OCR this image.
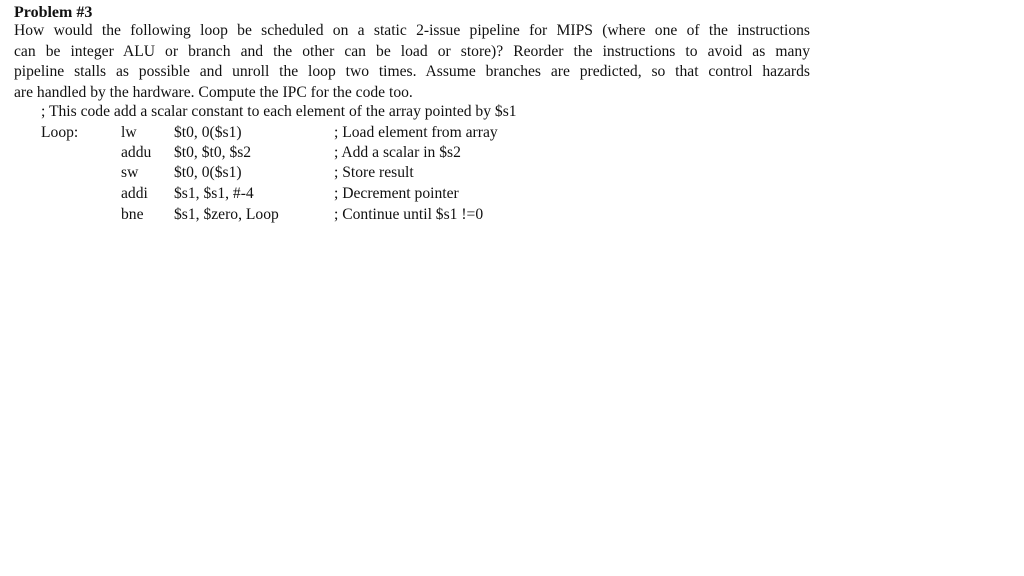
Problem #3
How would the following loop be scheduled on a static 2-issue pipeline for MIPS (where one of the instructions
can be integer ALU or branch and the other can be load or store)? Reorder the instructions to avoid as many
pipeline stalls as possible and unroll the loop two times. Assume branches are predicted, so that control hazards
are handled by the hardware. Compute the IPC for the code too.
; This code add a scalar constant to each element of the array pointed by $s1
Loop:	lw $t0, 0($s1)	; Load element from array
addu $t0, $t0, $s2	; Add a scalar in $s2
sw $t0, 0($s1)	; Store result
addi $s1, $s1, #-4	; Decrement pointer
bne $s1, $zero, Loop	; Continue until $s1 !=0
